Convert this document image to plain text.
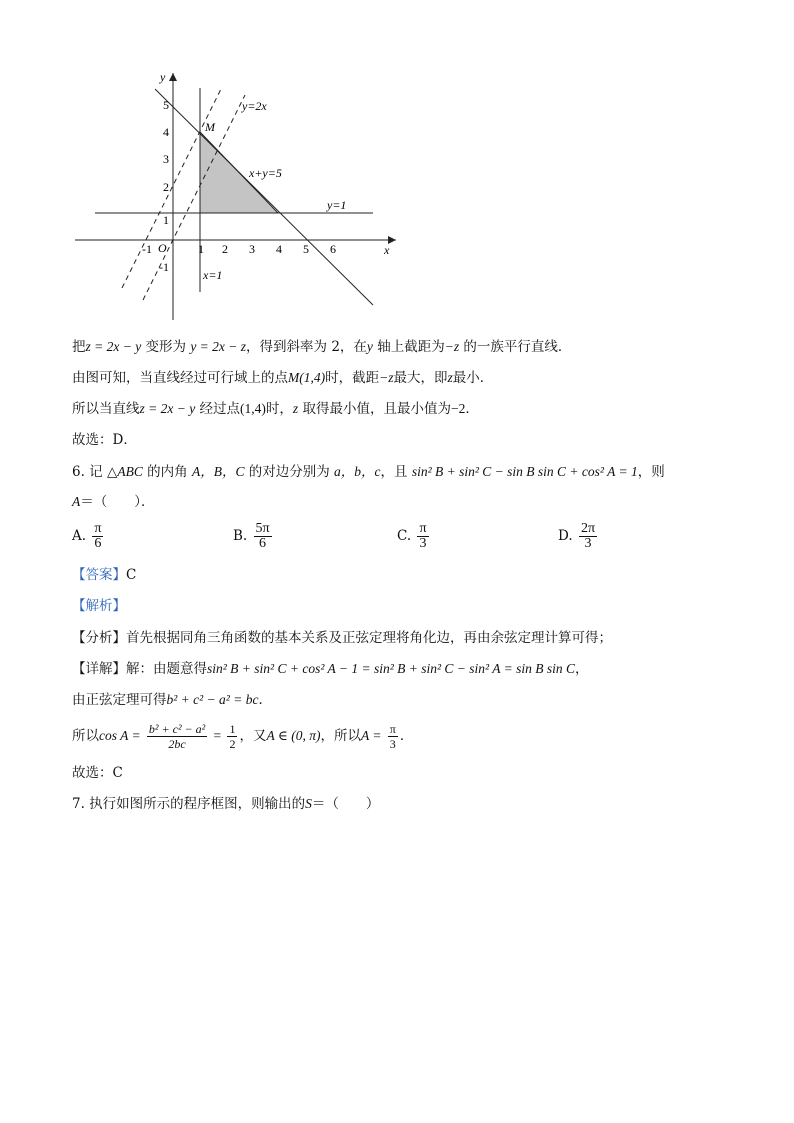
y
x
O
-1	1 2 3 4 5 6
-1
1
2
3
4
5
M
y=2x
x+y=5
y=1
x=1
把z = 2x − y 变形为 y = 2x − z，得到斜率为 2，在y 轴上截距为−z 的一族平行直线．
由图可知，当直线经过可行域上的点M(1,4)时，截距−z最大，即z最小．
所以当直线z = 2x − y 经过点(1,4)时，z 取得最小值，且最小值为−2．
故选：D．
6. 记 △ABC 的内角 A，B，C 的对边分别为 a，b，c，且 sin² B + sin² C − sin B sin C + cos² A = 1，则
A＝（　　）．
A. $\frac{\pi}{6}$	B. $\frac{5\pi}{6}$	C. $\frac{\pi}{3}$	D. $\frac{2\pi}{3}$
【答案】C
【解析】
【分析】首先根据同角三角函数的基本关系及正弦定理将角化边，再由余弦定理计算可得；
【详解】解：由题意得sin² B + sin² C + cos² A − 1 = sin² B + sin² C − sin² A = sin B sin C，
由正弦定理可得b² + c² − a² = bc．
所以$\cos A = \frac{\text{b² + c² − a²}}{2bc} = \frac{1}{2}$ ，又A ∈ (0, π)，所以$A = \frac{\pi}{3}$ ．
故选：C
7. 执行如图所示的程序框图，则输出的S＝（　　）
